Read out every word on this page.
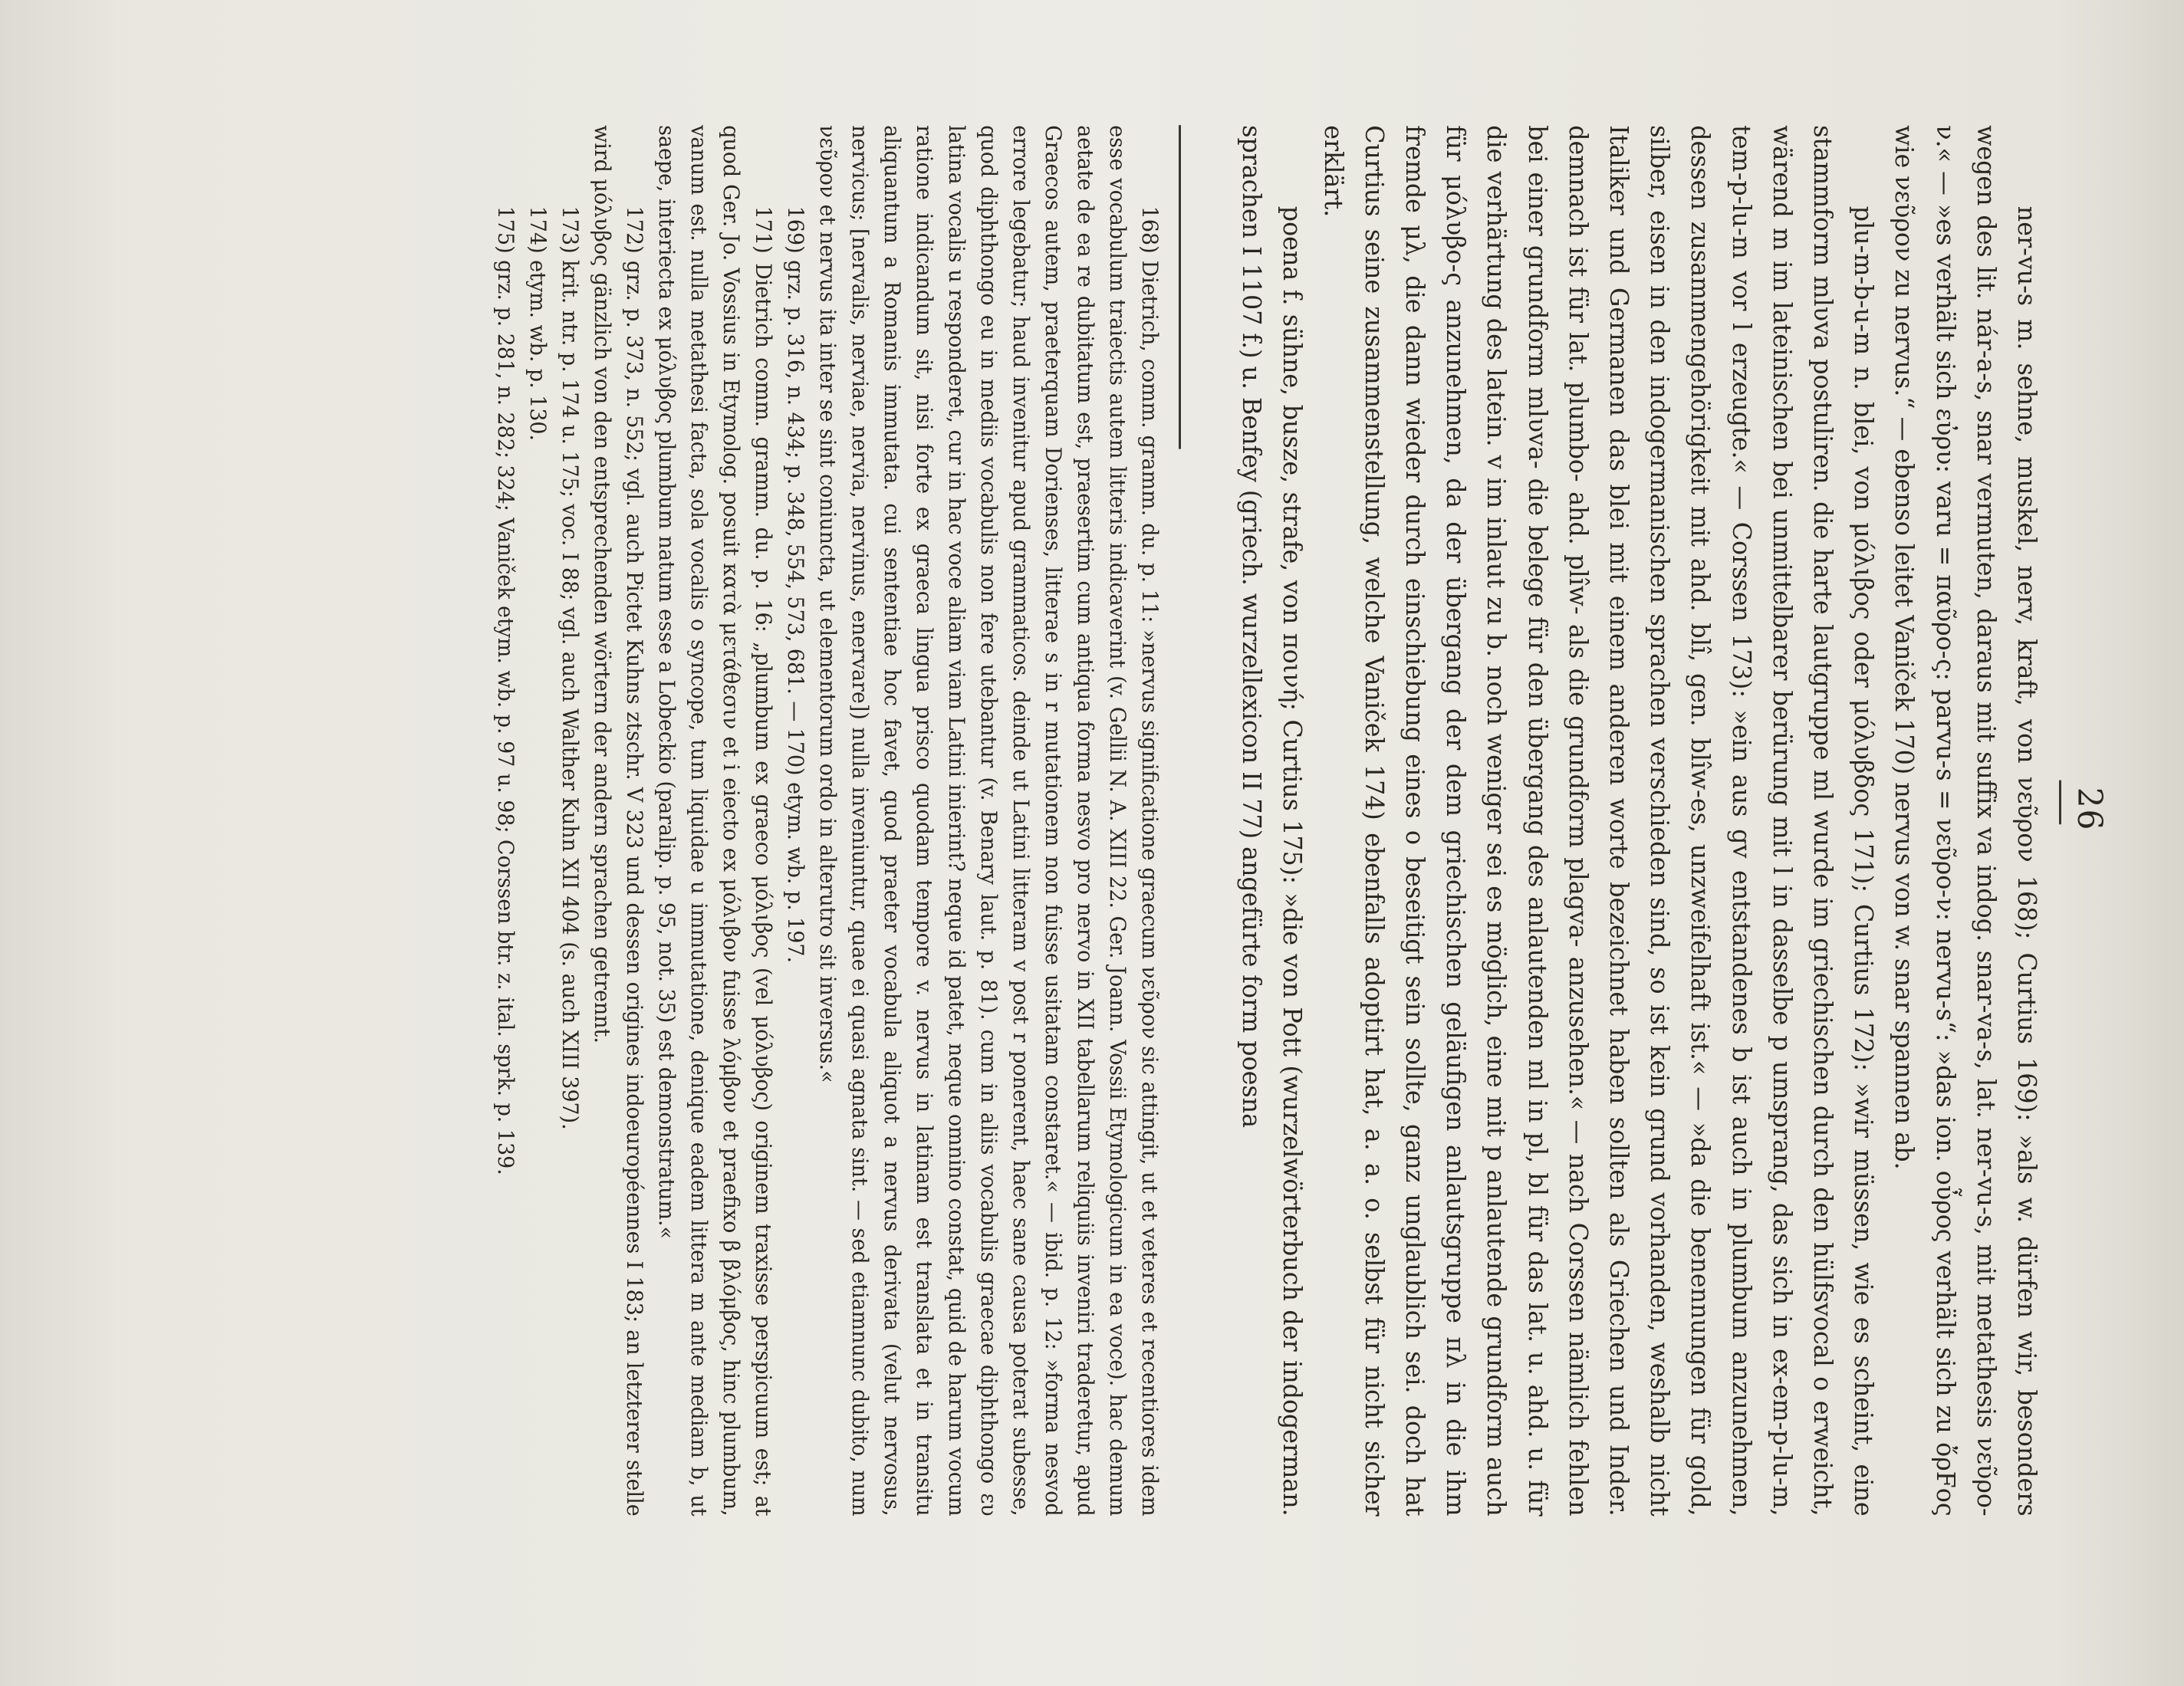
26

ner-vu-s m. sehne, muskel, nerv, kraft, von νεῦρον 168); Curtius 169): »als w. dürfen wir, besonders wegen des lit. nár-a-s, snar vermuten, daraus mit suffix va indog. snar-va-s, lat. ner-vu-s, mit metathesis νεῦρο-ν.« — »es verhält sich εὐρυ: varu = παῦρο-ς: parvu-s = νεῦρο-ν: nervu-s“: »das ion. οὖρος verhält sich zu ὄρFος wie νεῦρον zu nervus.“ — ebenso leitet Vaniček 170) nervus von w. snar spannen ab.

plu-m-b-u-m n. blei, von μόλιβος oder μόλυβδος 171); Curtius 172): »wir müssen, wie es scheint, eine stammform mlυva postuliren. die harte lautgruppe ml wurde im griechischen durch den hülfsvocal o erweicht, wärend m im lateinischen bei unmittelbarer berürung mit l in dasselbe p umsprang, das sich in ex-em-p-lu-m, tem-p-lu-m vor l erzeugte.« — Corssen 173): »ein aus gv entstandenes b ist auch in plumbum anzunehmen, dessen zusammengehörigkeit mit ahd. blî, gen. blîw-es, unzweifelhaft ist.« — »da die benennungen für gold, silber, eisen in den indogermanischen sprachen verschieden sind, so ist kein grund vorhanden, weshalb nicht Italiker und Germanen das blei mit einem anderen worte bezeichnet haben sollten als Griechen und Inder. demnach ist für lat. plumbo- ahd. plîw- als die grundform plagva- anzusehen.« — nach Corssen nämlich fehlen bei einer grundform mlυva- die belege für den übergang des anlautenden ml in pl, bl für das lat. u. ahd. u. für die verhärtung des latein. v im inlaut zu b. noch weniger sei es möglich, eine mit p anlautende grundform auch für μόλυβο-ς anzunehmen, da der übergang der dem griechischen geläufigen anlautsgruppe πλ in die ihm fremde μλ, die dann wieder durch einschiebung eines o beseitigt sein sollte, ganz unglaublich sei. doch hat Curtius seine zusammenstellung, welche Vaniček 174) ebenfalls adoptirt hat, a. a. o. selbst für nicht sicher erklärt.

poena f. sühne, busze, strafe, von ποινή; Curtius 175): »die von Pott (wurzelwörterbuch der indogerman. sprachen I 1107 f.) u. Benfey (griech. wurzellexicon II 77) angefürte form poesna

168) Dietrich, comm. gramm. du. p. 11: »nervus significatione graecum νεῦρον sic attingit, ut et veteres et recentiores idem esse vocabulum traiectis autem litteris indicaverint (v. Gellii N. A. XIII 22. Ger. Joann. Vossii Etymologicum in ea voce). hac demum aetate de ea re dubitatum est, praesertim cum antiqua forma nesvo pro nervo in XII tabellarum reliquiis inveniri traderetur, apud Graecos autem, praeterquam Dorienses, litterae s in r mutationem non fuisse usitatam constaret.« — ibid. p. 12: »forma nesvod errore legebatur; haud invenitur apud grammaticos. deinde ut Latini litteram v post r ponerent, haec sane causa poterat subesse, quod diphthongo eu in mediis vocabulis non fere utebantur (v. Benary laut. p. 81). cum in aliis vocabulis graecae diphthongo ευ latina vocalis u responderet, cur in hac voce aliam viam Latini inierint? neque id patet, neque omnino constat, quid de harum vocum ratione indicandum sit, nisi forte ex graeca lingua prisco quodam tempore v. nervus in latinam est translata et in transitu aliquantum a Romanis immutata. cui sententiae hoc favet, quod praeter vocabula aliquot a nervus derivata (velut nervosus, nervicus; [nervalis, nerviae, nervia, nervinus, enervare]) nulla inveniuntur, quae ei quasi agnata sint. — sed etiamnunc dubito, num νεῦρον et nervus ita inter se sint coniuncta, ut elementorum ordo in alterutro sit inversus.«

169) grz. p. 316, n. 434; p. 348, 554, 573, 681. — 170) etym. wb. p. 197.

171) Dietrich comm. gramm. du. p. 16: „plumbum ex graeco μόλιβος (vel μόλυβος) originem traxisse perspicuum est; at quod Ger. Jo. Vossius in Etymolog. posuit κατὰ μετάθεσιν et i eiecto ex μόλιβον fuisse λόμβον et praefixo β βλόμβος, hinc plumbum, vanum est. nulla metathesi facta, sola vocalis o syncope, tum liquidae u immutatione, denique eadem littera m ante mediam b, ut saepe, interiecta ex μόλυβος plumbum natum esse a Lobeckio (paralip. p. 95, not. 35) est demonstratum.«

172) grz. p. 373, n. 552; vgl. auch Pictet Kuhns ztschr. V 323 und dessen origines indoeuropéennes I 183; an letzterer stelle wird μόλυβος gänzlich von den entsprechenden wörtern der andern sprachen getrennt.

173) krit. ntr. p. 174 u. 175; voc. I 88; vgl. auch Walther Kuhn XII 404 (s. auch XIII 397).

174) etym. wb. p. 130.

175) grz. p. 281, n. 282; 324; Vaniček etym. wb. p. 97 u. 98; Corssen btr. z. ital. sprk. p. 139.
